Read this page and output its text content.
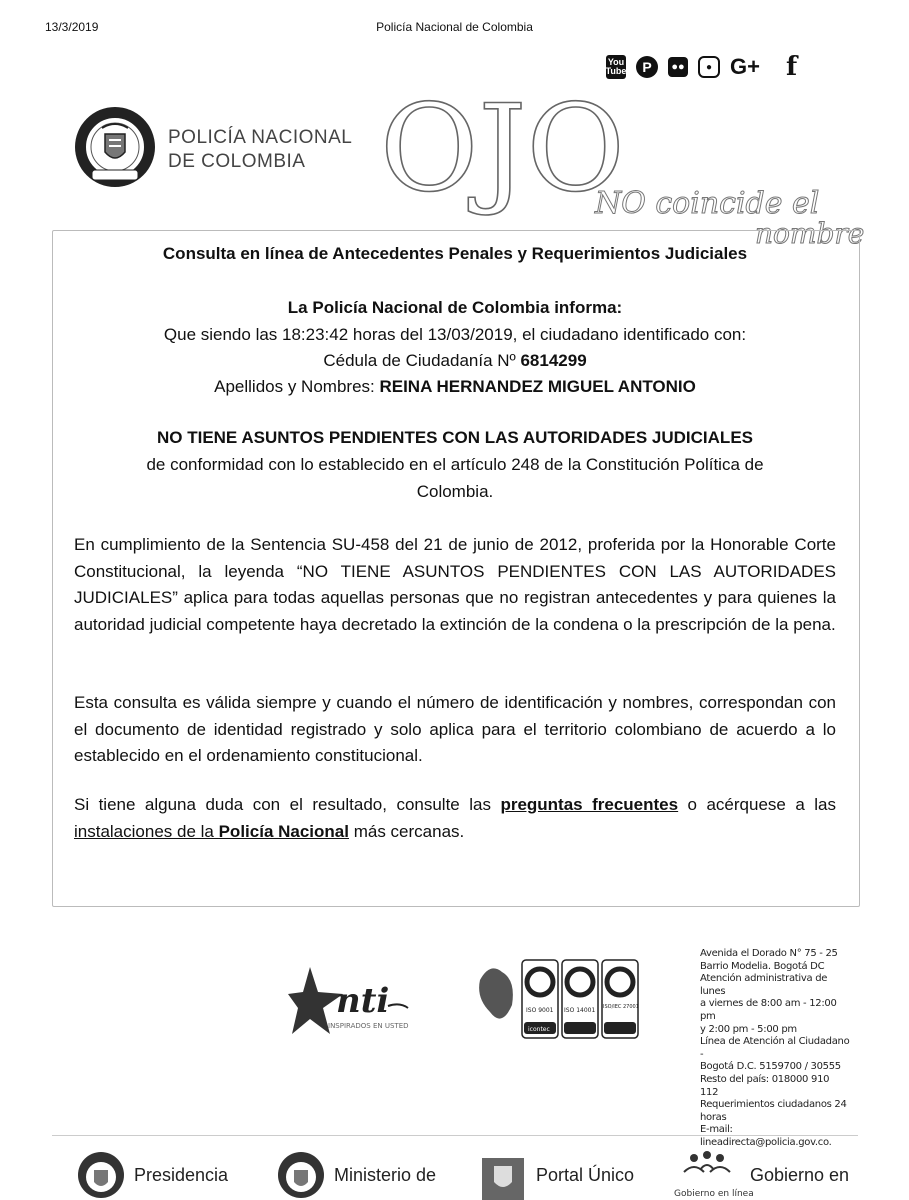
13/3/2019	Policía Nacional de Colombia
You
Tube	P	●●	● G+ f
POLICÍA NACIONAL
DE COLOMBIA OJO
NO coincide el
nombre
Consulta en línea de Antecedentes Penales y Requerimientos Judiciales
La Policía Nacional de Colombia informa:
Que siendo las 18:23:42 horas del 13/03/2019, el ciudadano identificado con:
Cédula de Ciudadanía Nº 6814299
Apellidos y Nombres: REINA HERNANDEZ MIGUEL ANTONIO
NO TIENE ASUNTOS PENDIENTES CON LAS AUTORIDADES JUDICIALES
de conformidad con lo establecido en el artículo 248 de la Constitución Política de
Colombia.
En cumplimiento de la Sentencia SU-458 del 21 de junio de 2012, proferida por la Honorable Corte Constitucional, la leyenda “NO TIENE ASUNTOS PENDIENTES CON LAS AUTORIDADES JUDICIALES” aplica para todas aquellas personas que no registran antecedentes y para quienes la autoridad judicial competente haya decretado la extinción de la condena o la prescripción de la pena.
Esta consulta es válida siempre y cuando el número de identificación y nombres, correspondan con el documento de identidad registrado y solo aplica para el territorio colombiano de acuerdo a lo establecido en el ordenamiento constitucional.
Si tiene alguna duda con el resultado, consulte las preguntas frecuentes o acérquese a las instalaciones de la Policía Nacional más cercanas.
nti
INSPIRADOS EN USTED
ISO 9001
icontec
ISO 14001 ISO/IEC 27001
Avenida el Dorado N° 75 - 25
Barrio Modelia. Bogotá DC
Atención administrativa de lunes
a viernes de 8:00 am - 12:00 pm
y 2:00 pm - 5:00 pm
Línea de Atención al Ciudadano -
Bogotá D.C. 5159700 / 30555
Resto del país: 018000 910 112
Requerimientos ciudadanos 24
horas
E-mail:
lineadirecta@policia.gov.co.
Presidencia	Ministerio de	Portal Único
Gobierno en línea
Gobierno en
